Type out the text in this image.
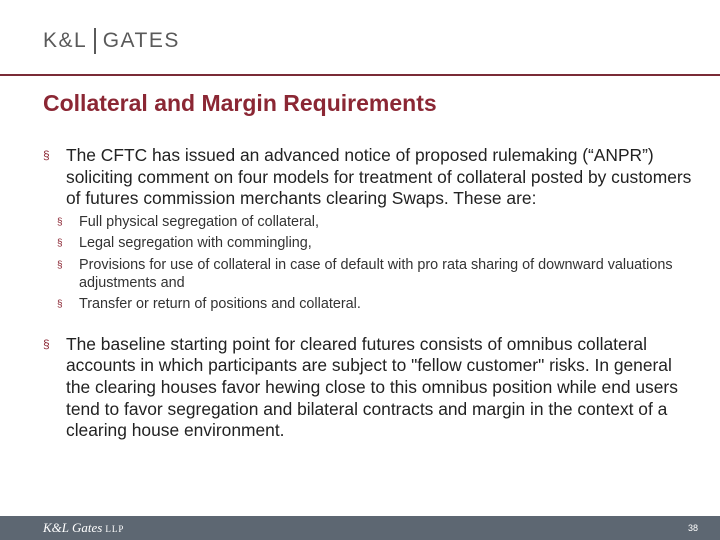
K&L GATES
Collateral and Margin Requirements
§ The CFTC has issued an advanced notice of proposed rulemaking (“ANPR”) soliciting comment on four models for treatment of collateral posted by customers of futures commission merchants clearing Swaps. These are:
§ Full physical segregation of collateral,
§ Legal segregation with commingling,
§ Provisions for use of collateral in case of default with pro rata sharing of downward valuations adjustments and
§ Transfer or return of positions and collateral.
§ The baseline starting point for cleared futures consists of omnibus collateral accounts in which participants are subject to "fellow customer" risks. In general the clearing houses favor hewing close to this omnibus position while end users tend to favor segregation and bilateral contracts and margin in the context of a clearing house environment.
K&L Gates LLP	38
